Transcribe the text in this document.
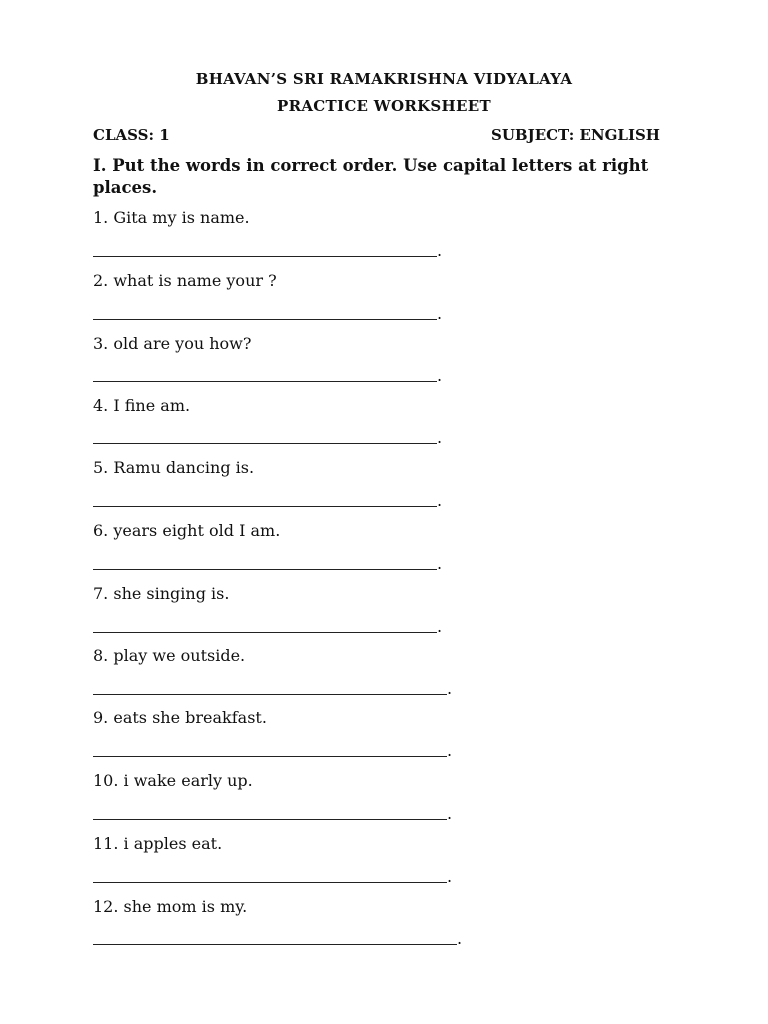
BHAVAN’S SRI RAMAKRISHNA VIDYALAYA
PRACTICE WORKSHEET
CLASS: 1	SUBJECT: ENGLISH
I. Put the words in correct order. Use capital letters at right places.
1. Gita my is name.
.
2. what is name your ?
.
3. old are you how?
.
4. I fine am.
.
5. Ramu dancing is.
.
6. years eight old I am.
.
7. she singing is.
.
8. play we outside.
.
9. eats she breakfast.
.
10. i wake early up.
.
11. i apples eat.
.
12. she mom is my.
.
